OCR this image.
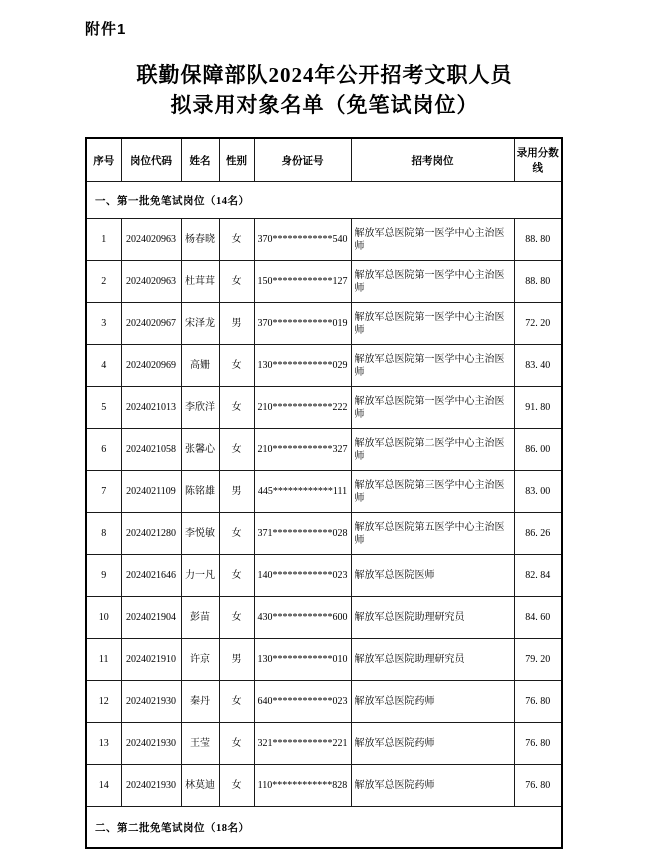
附件1
联勤保障部队2024年公开招考文职人员
拟录用对象名单（免笔试岗位）
序号	岗位代码	姓名	性别	身份证号	招考岗位	录用分数线
一、第一批免笔试岗位（14名）						
1	2024020963	杨春晓	女	370************540	解放军总医院第一医学中心主治医师	88. 80
2	2024020963	杜茸茸	女	150************127	解放军总医院第一医学中心主治医师	88. 80
3	2024020967	宋泽龙	男	370************019	解放军总医院第一医学中心主治医师	72. 20
4	2024020969	高姗	女	130************029	解放军总医院第一医学中心主治医师	83. 40
5	2024021013	李欣洋	女	210************222	解放军总医院第一医学中心主治医师	91. 80
6	2024021058	张馨心	女	210************327	解放军总医院第二医学中心主治医师	86. 00
7	2024021109	陈铭雄	男	445************111	解放军总医院第三医学中心主治医师	83. 00
8	2024021280	李悦敏	女	371************028	解放军总医院第五医学中心主治医师	86. 26
9	2024021646	力一凡	女	140************023	解放军总医院医师	82. 84
10	2024021904	彭苗	女	430************600	解放军总医院助理研究员	84. 60
11	2024021910	许京	男	130************010	解放军总医院助理研究员	79. 20
12	2024021930	秦丹	女	640************023	解放军总医院药师	76. 80
13	2024021930	王莹	女	321************221	解放军总医院药师	76. 80
14	2024021930	林莫迪	女	110************828	解放军总医院药师	76. 80
二、第二批免笔试岗位（18名）						
